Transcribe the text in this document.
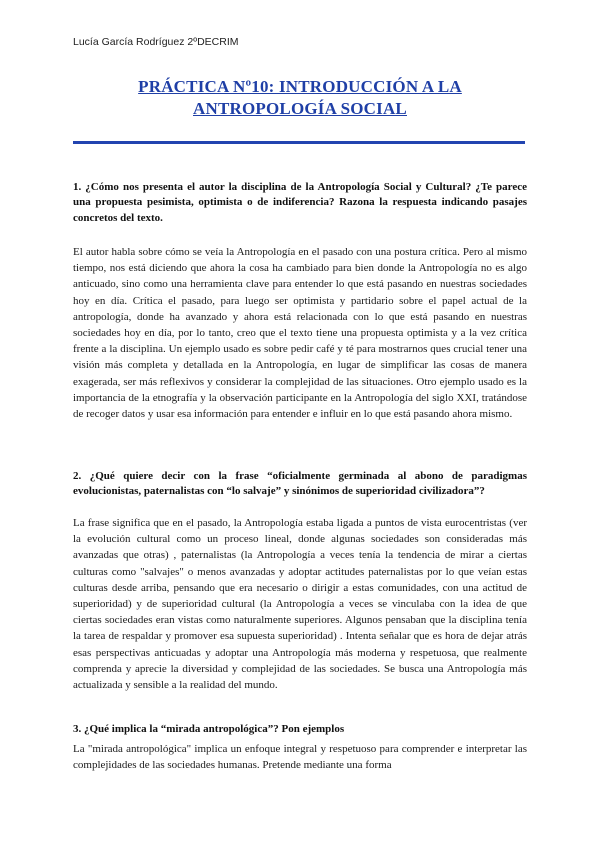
Lucía García Rodríguez 2ºDECRIM
PRÁCTICA Nº10: INTRODUCCIÓN A LA
ANTROPOLOGÍA SOCIAL
1. ¿Cómo nos presenta el autor la disciplina de la Antropología Social y Cultural? ¿Te parece una propuesta pesimista, optimista o de indiferencia? Razona la respuesta indicando pasajes concretos del texto.
El autor habla sobre cómo se veía la Antropología en el pasado con una postura crítica. Pero al mismo tiempo, nos está diciendo que ahora la cosa ha cambiado para bien donde la Antropología no es algo anticuado, sino como una herramienta clave para entender lo que está pasando en nuestras sociedades hoy en día. Crítica el pasado, para luego ser optimista y partidario sobre el papel actual de la antropología, donde ha avanzado y ahora está relacionada con lo que está pasando en nuestras sociedades hoy en día, por lo tanto, creo que el texto tiene una propuesta optimista y a la vez crítica frente a la disciplina. Un ejemplo usado es sobre pedir café y té para mostrarnos ques crucial tener una visión más completa y detallada en la Antropología, en lugar de simplificar las cosas de manera exagerada, ser más reflexivos y considerar la complejidad de las situaciones. Otro ejemplo usado es la importancia de la etnografía y la observación participante en la Antropología del siglo XXI, tratándose de recoger datos y usar esa información para entender e influir en lo que está pasando ahora mismo.
2. ¿Qué quiere decir con la frase “oficialmente germinada al abono de paradigmas evolucionistas, paternalistas con “lo salvaje” y sinónimos de superioridad civilizadora”?
La frase significa que en el pasado, la Antropología estaba ligada a puntos de vista eurocentristas (ver la evolución cultural como un proceso lineal, donde algunas sociedades son consideradas más avanzadas que otras) , paternalistas (la Antropología a veces tenía la tendencia de mirar a ciertas culturas como "salvajes" o menos avanzadas y adoptar actitudes paternalistas por lo que veían estas culturas desde arriba, pensando que era necesario o dirigir a estas comunidades, con una actitud de superioridad) y de superioridad cultural (la Antropología a veces se vinculaba con la idea de que ciertas sociedades eran vistas como naturalmente superiores. Algunos pensaban que la disciplina tenía la tarea de respaldar y promover esa supuesta superioridad) . Intenta señalar que es hora de dejar atrás esas perspectivas anticuadas y adoptar una Antropología más moderna y respetuosa, que realmente comprenda y aprecie la diversidad y complejidad de las sociedades. Se busca una Antropología más actualizada y sensible a la realidad del mundo.
3. ¿Qué implica la “mirada antropológica”? Pon ejemplos
La "mirada antropológica" implica un enfoque integral y respetuoso para comprender e interpretar las complejidades de las sociedades humanas. Pretende mediante una forma
